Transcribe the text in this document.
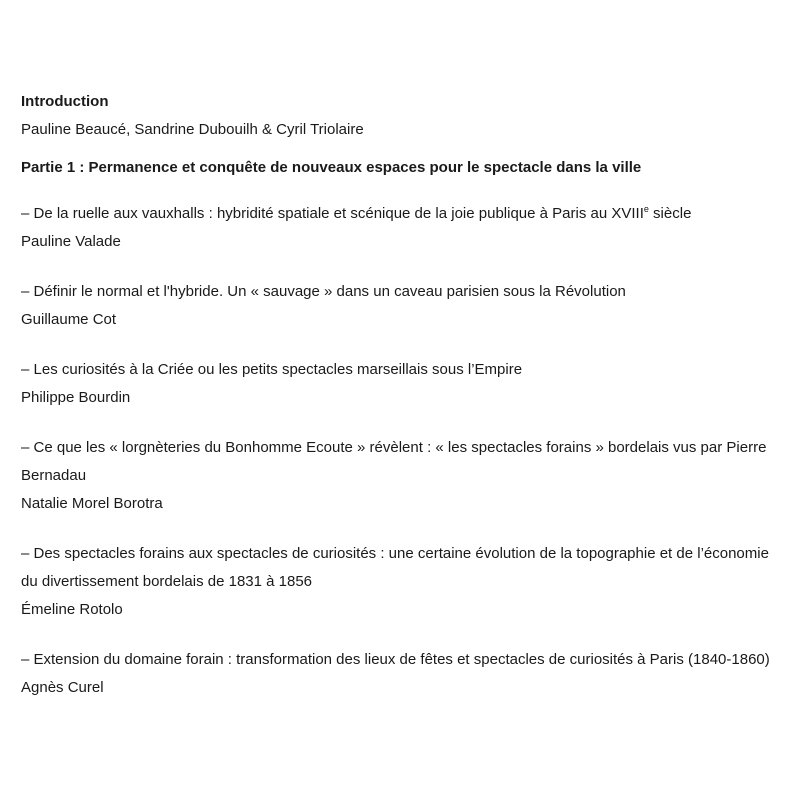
Introduction
Pauline Beaucé, Sandrine Dubouilh & Cyril Triolaire
Partie 1 : Permanence et conquête de nouveaux espaces pour le spectacle dans la ville
– De la ruelle aux vauxhalls : hybridité spatiale et scénique de la joie publique à Paris au XVIIIe siècle
Pauline Valade
– Définir le normal et l'hybride. Un « sauvage » dans un caveau parisien sous la Révolution
Guillaume Cot
– Les curiosités à la Criée ou les petits spectacles marseillais sous l’Empire
Philippe Bourdin
– Ce que les « lorgnèteries du Bonhomme Ecoute » révèlent : « les spectacles forains » bordelais vus par Pierre Bernadau
Natalie Morel Borotra
– Des spectacles forains aux spectacles de curiosités : une certaine évolution de la topographie et de l’économie du divertissement bordelais de 1831 à 1856
Émeline Rotolo
– Extension du domaine forain : transformation des lieux de fêtes et spectacles de curiosités à Paris (1840-1860)
Agnès Curel
